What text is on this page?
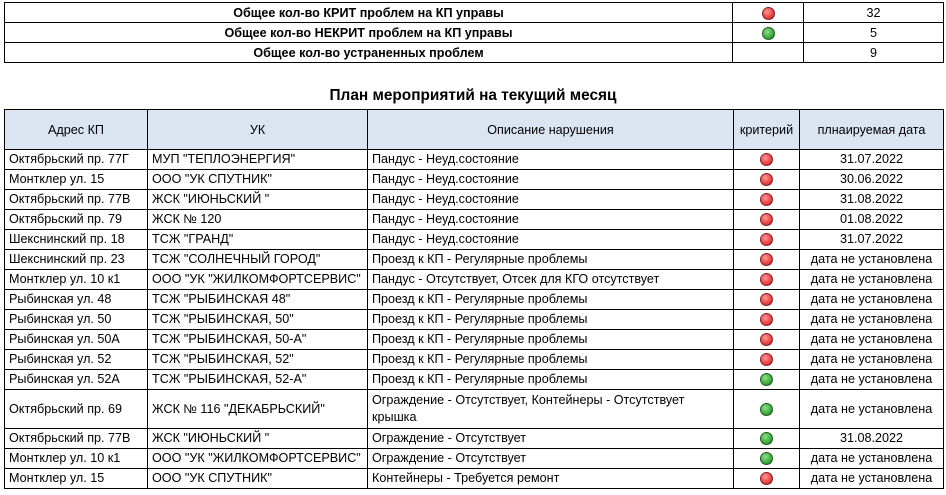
Общее кол-во КРИТ проблем на КП управы		32
Общее кол-во НЕКРИТ проблем на КП управы		5
Общее кол-во устраненных проблем		9
План мероприятий на текущий месяц
Адрес КП	УК	Описание нарушения	критерий	плнаируемая дата
Октябрьский пр. 77Г	МУП "ТЕПЛОЭНЕРГИЯ"	Пандус - Неуд.состояние		31.07.2022
Монтклер ул. 15	ООО "УК СПУТНИК"	Пандус - Неуд.состояние		30.06.2022
Октябрьский пр. 77В	ЖСК "ИЮНЬСКИЙ "	Пандус - Неуд.состояние		31.08.2022
Октябрьский пр. 79	ЖСК № 120	Пандус - Неуд.состояние		01.08.2022
Шекснинский пр. 18	ТСЖ "ГРАНД"	Пандус - Неуд.состояние		31.07.2022
Шекснинский пр. 23	ТСЖ "СОЛНЕЧНЫЙ ГОРОД"	Проезд к КП - Регулярные проблемы		дата не установлена
Монтклер ул. 10 к1	ООО "УК "ЖИЛКОМФОРТСЕРВИС"	Пандус - Отсутствует, Отсек для КГО отсутствует		дата не установлена
Рыбинская ул. 48	ТСЖ "РЫБИНСКАЯ 48"	Проезд к КП - Регулярные проблемы		дата не установлена
Рыбинская ул. 50	ТСЖ "РЫБИНСКАЯ, 50"	Проезд к КП - Регулярные проблемы		дата не установлена
Рыбинская ул. 50А	ТСЖ "РЫБИНСКАЯ, 50-А"	Проезд к КП - Регулярные проблемы		дата не установлена
Рыбинская ул. 52	ТСЖ "РЫБИНСКАЯ, 52"	Проезд к КП - Регулярные проблемы		дата не установлена
Рыбинская ул. 52А	ТСЖ "РЫБИНСКАЯ, 52-А"	Проезд к КП - Регулярные проблемы		дата не установлена
Октябрьский пр. 69	ЖСК № 116 "ДЕКАБРЬСКИЙ"	Ограждение - Отсутствует, Контейнеры - Отсутствует крышка		дата не установлена
Октябрьский пр. 77В	ЖСК "ИЮНЬСКИЙ "	Ограждение - Отсутствует		31.08.2022
Монтклер ул. 10 к1	ООО "УК "ЖИЛКОМФОРТСЕРВИС"	Ограждение - Отсутствует		дата не установлена
Монтклер ул. 15	ООО "УК СПУТНИК"	Контейнеры - Требуется ремонт		дата не установлена
